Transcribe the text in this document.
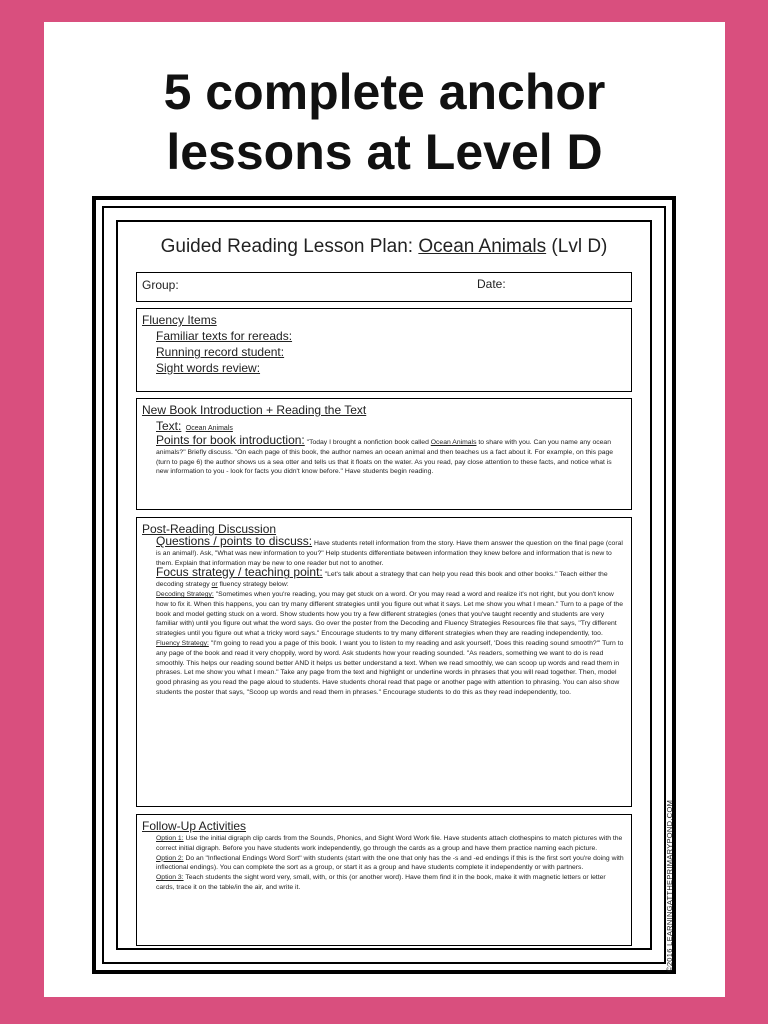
5 complete anchor
lessons at Level D
Guided Reading Lesson Plan: Ocean Animals (Lvl D)
Group:	Date:
Fluency Items
Familiar texts for rereads:
Running record student:
Sight words review:
New Book Introduction + Reading the Text
Text: Ocean Animals
Points for book introduction: "Today I brought a nonfiction book called Ocean Animals to share with you. Can you name any ocean animals?" Briefly discuss. "On each page of this book, the author names an ocean animal and then teaches us a fact about it. For example, on this page (turn to page 6) the author shows us a sea otter and tells us that it floats on the water. As you read, pay close attention to these facts, and notice what is new information to you - look for facts you didn't know before." Have students begin reading.
Post-Reading Discussion
Questions / points to discuss: Have students retell information from the story. Have them answer the question on the final page (coral is an animal!). Ask, "What was new information to you?" Help students differentiate between information they knew before and information that is new to them. Explain that information may be new to one reader but not to another.
Focus strategy / teaching point: "Let's talk about a strategy that can help you read this book and other books." Teach either the decoding strategy or fluency strategy below:
Decoding Strategy: "Sometimes when you're reading, you may get stuck on a word. Or you may read a word and realize it's not right, but you don't know how to fix it. When this happens, you can try many different strategies until you figure out what it says. Let me show you what I mean." Turn to a page of the book and model getting stuck on a word. Show students how you try a few different strategies (ones that you've taught recently and students are very familiar with) until you figure out what the word says. Go over the poster from the Decoding and Fluency Strategies Resources file that says, "Try different strategies until you figure out what a tricky word says." Encourage students to try many different strategies when they are reading independently, too.
Fluency Strategy: "I'm going to read you a page of this book. I want you to listen to my reading and ask yourself, 'Does this reading sound smooth?'" Turn to any page of the book and read it very choppily, word by word. Ask students how your reading sounded. "As readers, something we want to do is read smoothly. This helps our reading sound better AND it helps us better understand a text. When we read smoothly, we can scoop up words and read them in phrases. Let me show you what I mean." Take any page from the text and highlight or underline words in phrases that you will read together. Then, model good phrasing as you read the page aloud to students. Have students choral read that page or another page with attention to phrasing. You can also show students the poster that says, "Scoop up words and read them in phrases." Encourage students to do this as they read independently, too.
Follow-Up Activities
Option 1: Use the initial digraph clip cards from the Sounds, Phonics, and Sight Word Work file. Have students attach clothespins to match pictures with the correct initial digraph. Before you have students work independently, go through the cards as a group and have them practice naming each picture.
Option 2: Do an "Inflectional Endings Word Sort" with students (start with the one that only has the -s and -ed endings if this is the first sort you're doing with inflectional endings). You can complete the sort as a group, or start it as a group and have students complete it independently or with partners.
Option 3: Teach students the sight word very, small, with, or this (or another word). Have them find it in the book, make it with magnetic letters or letter cards, trace it on the table/in the air, and write it.	©2016 LEARNINGATTHEPRIMARYPOND.COM
